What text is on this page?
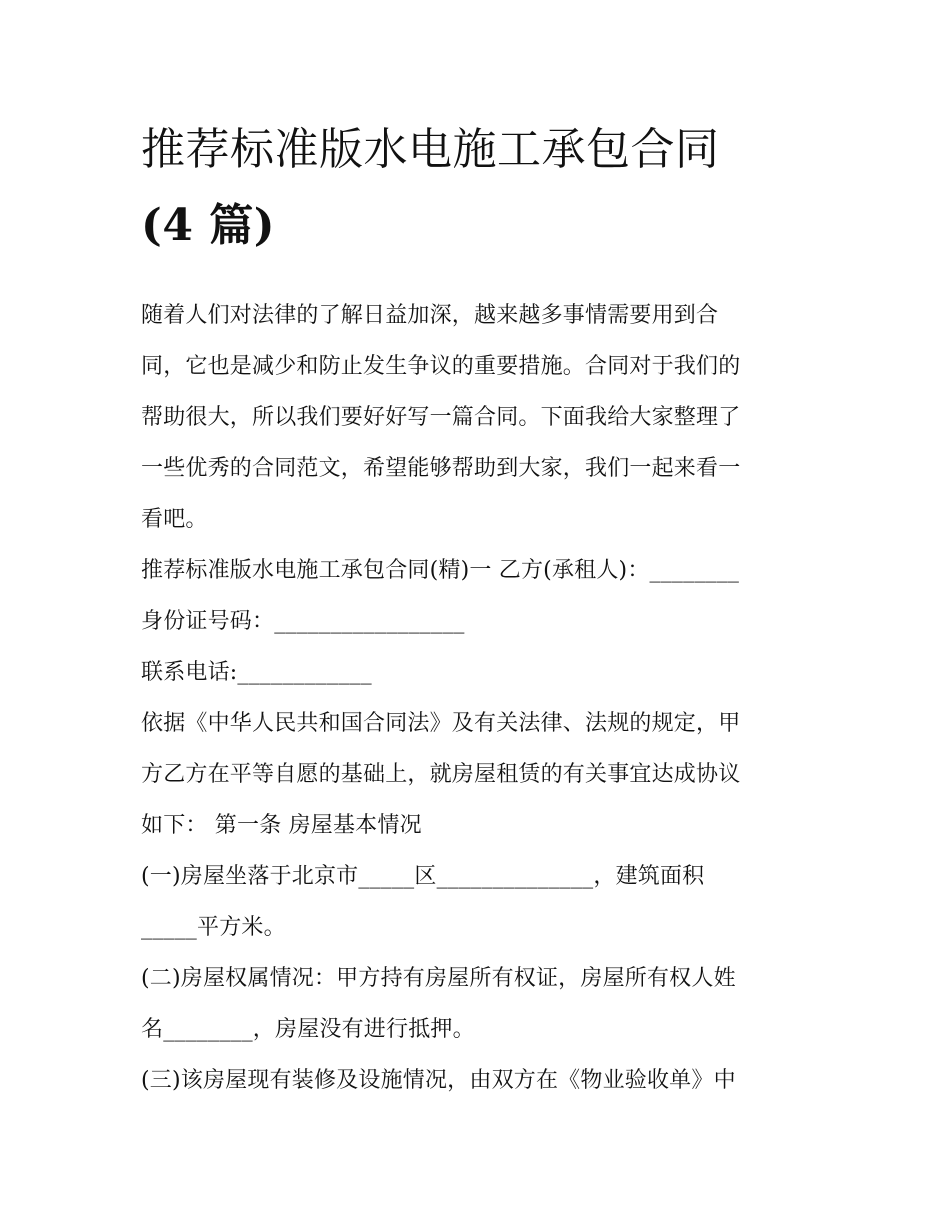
推荐标准版水电施工承包合同
(4 篇)

随着人们对法律的了解日益加深，越来越多事情需要用到合

同，它也是减少和防止发生争议的重要措施。合同对于我们的

帮助很大，所以我们要好好写一篇合同。下面我给大家整理了

一些优秀的合同范文，希望能够帮助到大家，我们一起来看一

看吧。

推荐标准版水电施工承包合同(精)一 乙方(承租人)：________

身份证号码：_________________

联系电话:____________

依据《中华人民共和国合同法》及有关法律、法规的规定，甲

方乙方在平等自愿的基础上，就房屋租赁的有关事宜达成协议

如下： 第一条 房屋基本情况

(一)房屋坐落于北京市_____区______________，建筑面积

_____平方米。

(二)房屋权属情况：甲方持有房屋所有权证，房屋所有权人姓

名________，房屋没有进行抵押。

(三)该房屋现有装修及设施情况，由双方在《物业验收单》中
